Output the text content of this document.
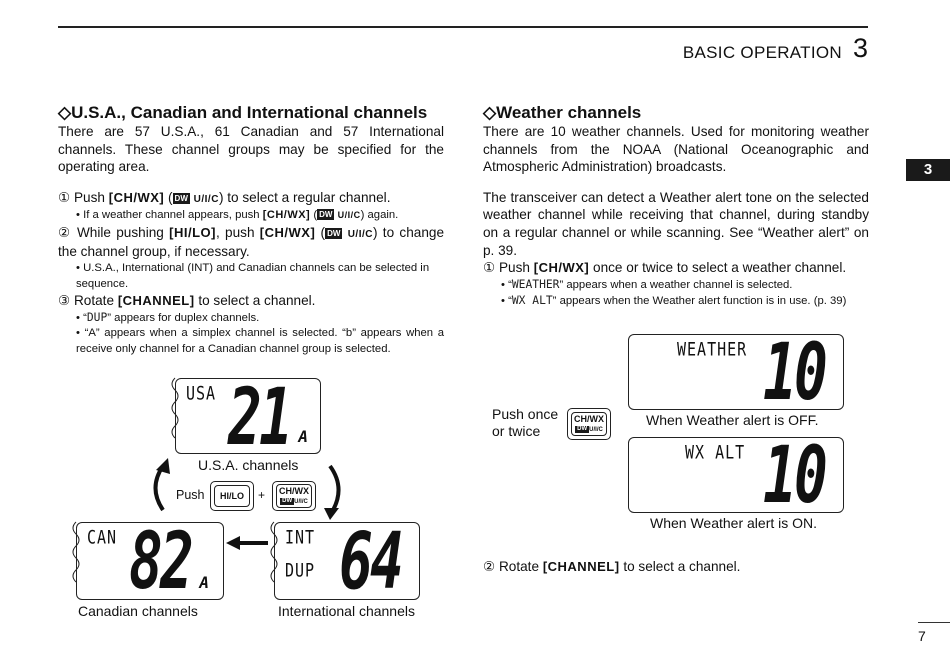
BASIC OPERATION 3
3
◇U.S.A., Canadian and International channels

There are 57 U.S.A., 61 Canadian and 57 International channels. These channel groups may be specified for the operating area.

① Push [CH/WX] ( DW U/I/C) to select a regular channel.

• If a weather channel appears, push [CH/WX] ( DW U/I/C) again.

② While pushing [HI/LO], push [CH/WX] ( DW U/I/C) to change the channel group, if necessary.

• U.S.A., International (INT) and Canadian channels can be selected in sequence.

③ Rotate [CHANNEL] to select a channel.

• “DUP” appears for duplex channels.

• “A” appears when a simplex channel is selected. “b” appears when a receive only channel for a Canadian channel group is selected.

USA 21 A
U.S.A. channels
CAN 82 A
Canadian channels
INT
DUP 64
International channels
Push	HI/LO	+ CH/WX
DW U/I/C
◇Weather channels

There are 10 weather channels. Used for monitoring weather channels from the NOAA (National Oceanographic and Atmospheric Administration) broadcasts.

The transceiver can detect a Weather alert tone on the selected weather channel while receiving that channel, during standby on a regular channel or while scanning. See “Weather alert” on p. 39.

① Push [CH/WX] once or twice to select a weather channel.

• “WEATHER” appears when a weather channel is selected.

• “WX ALT” appears when the Weather alert function is in use. (p. 39)

Push once or twice
CH/WX
DW U/I/C
WEATHER 10
When Weather alert is OFF.
WX ALT 10
When Weather alert is ON.

② Rotate [CHANNEL] to select a channel.

7
